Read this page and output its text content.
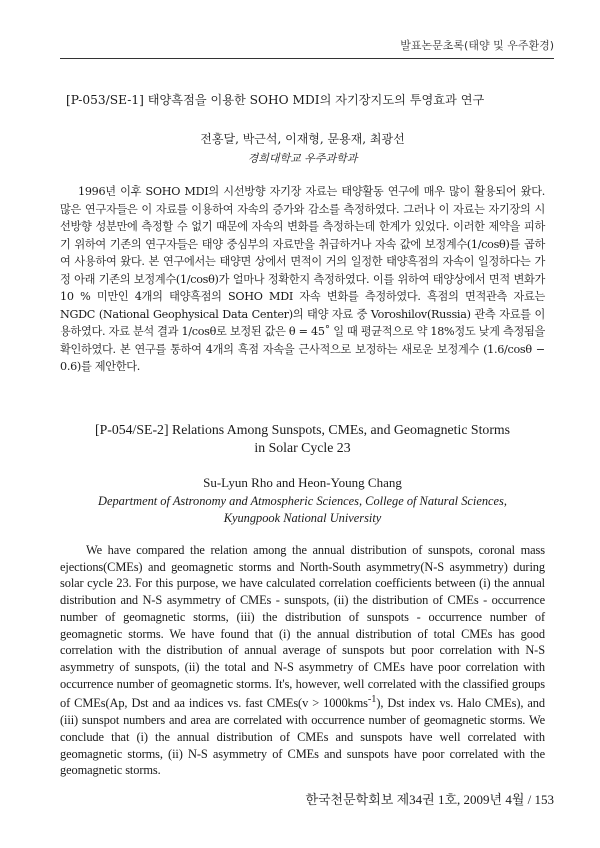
발표논문초록(태양 및 우주환경)
[P-053/SE-1] 태양흑점을 이용한 SOHO MDI의 자기장지도의 투영효과 연구
전홍달, 박근석, 이재형, 문용재, 최광선
경희대학교 우주과학과

1996년 이후 SOHO MDI의 시선방향 자기장 자료는 태양활동 연구에 매우 많이 활용되어 왔다. 많은 연구자들은 이 자료를 이용하여 자속의 증가와 감소를 측정하였다. 그러나 이 자료는 자기장의 시선방향 성분만에 측정할 수 없기 때문에 자속의 변화를 측정하는데 한계가 있었다. 이러한 제약을 피하기 위하여 기존의 연구자들은 태양 중심부의 자료만을 취급하거나 자속 값에 보정계수(1/cosθ)를 곱하여 사용하여 왔다. 본 연구에서는 태양면 상에서 면적이 거의 일정한 태양흑점의 자속이 일정하다는 가정 아래 기존의 보정계수(1/cosθ)가 얼마나 정확한지 측정하였다. 이를 위하여 태양상에서 면적 변화가 10 % 미만인 4개의 태양흑점의 SOHO MDI 자속 변화를 측정하였다. 흑점의 면적관측 자료는 NGDC (National Geophysical Data Center)의 태양 자료 중 Voroshilov(Russia) 관측 자료를 이용하였다. 자료 분석 결과 1/cosθ로 보정된 값은 θ = 45˚ 일 때 평균적으로 약 18%정도 낮게 측정됨을 확인하였다. 본 연구를 통하여 4개의 흑점 자속을 근사적으로 보정하는 새로운 보정계수 (1.6/cosθ − 0.6)를 제안한다.

[P-054/SE-2] Relations Among Sunspots, CMEs, and Geomagnetic Storms
in Solar Cycle 23
Su-Lyun Rho and Heon-Young Chang
Department of Astronomy and Atmospheric Sciences, College of Natural Sciences,
Kyungpook National University

We have compared the relation among the annual distribution of sunspots, coronal mass ejections(CMEs) and geomagnetic storms and North-South asymmetry(N-S asymmetry) during solar cycle 23. For this purpose, we have calculated correlation coefficients between (i) the annual distribution and N-S asymmetry of CMEs - sunspots, (ii) the distribution of CMEs - occurrence number of geomagnetic storms, (iii) the distribution of sunspots - occurrence number of geomagnetic storms. We have found that (i) the annual distribution of total CMEs has good correlation with the distribution of annual average of sunspots but poor correlation with N-S asymmetry of sunspots, (ii) the total and N-S asymmetry of CMEs have poor correlation with occurrence number of geomagnetic storms. It's, however, well correlated with the classified groups of CMEs(Ap, Dst and aa indices vs. fast CMEs(v > 1000kms$^{-1}$), Dst index vs. Halo CMEs), and (iii) sunspot numbers and area are correlated with occurrence number of geomagnetic storms. We conclude that (i) the annual distribution of CMEs and sunspots have well correlated with geomagnetic storms, (ii) N-S asymmetry of CMEs and sunspots have poor correlated with the geomagnetic storms.

한국천문학회보 제34권 1호, 2009년 4월 / 153
